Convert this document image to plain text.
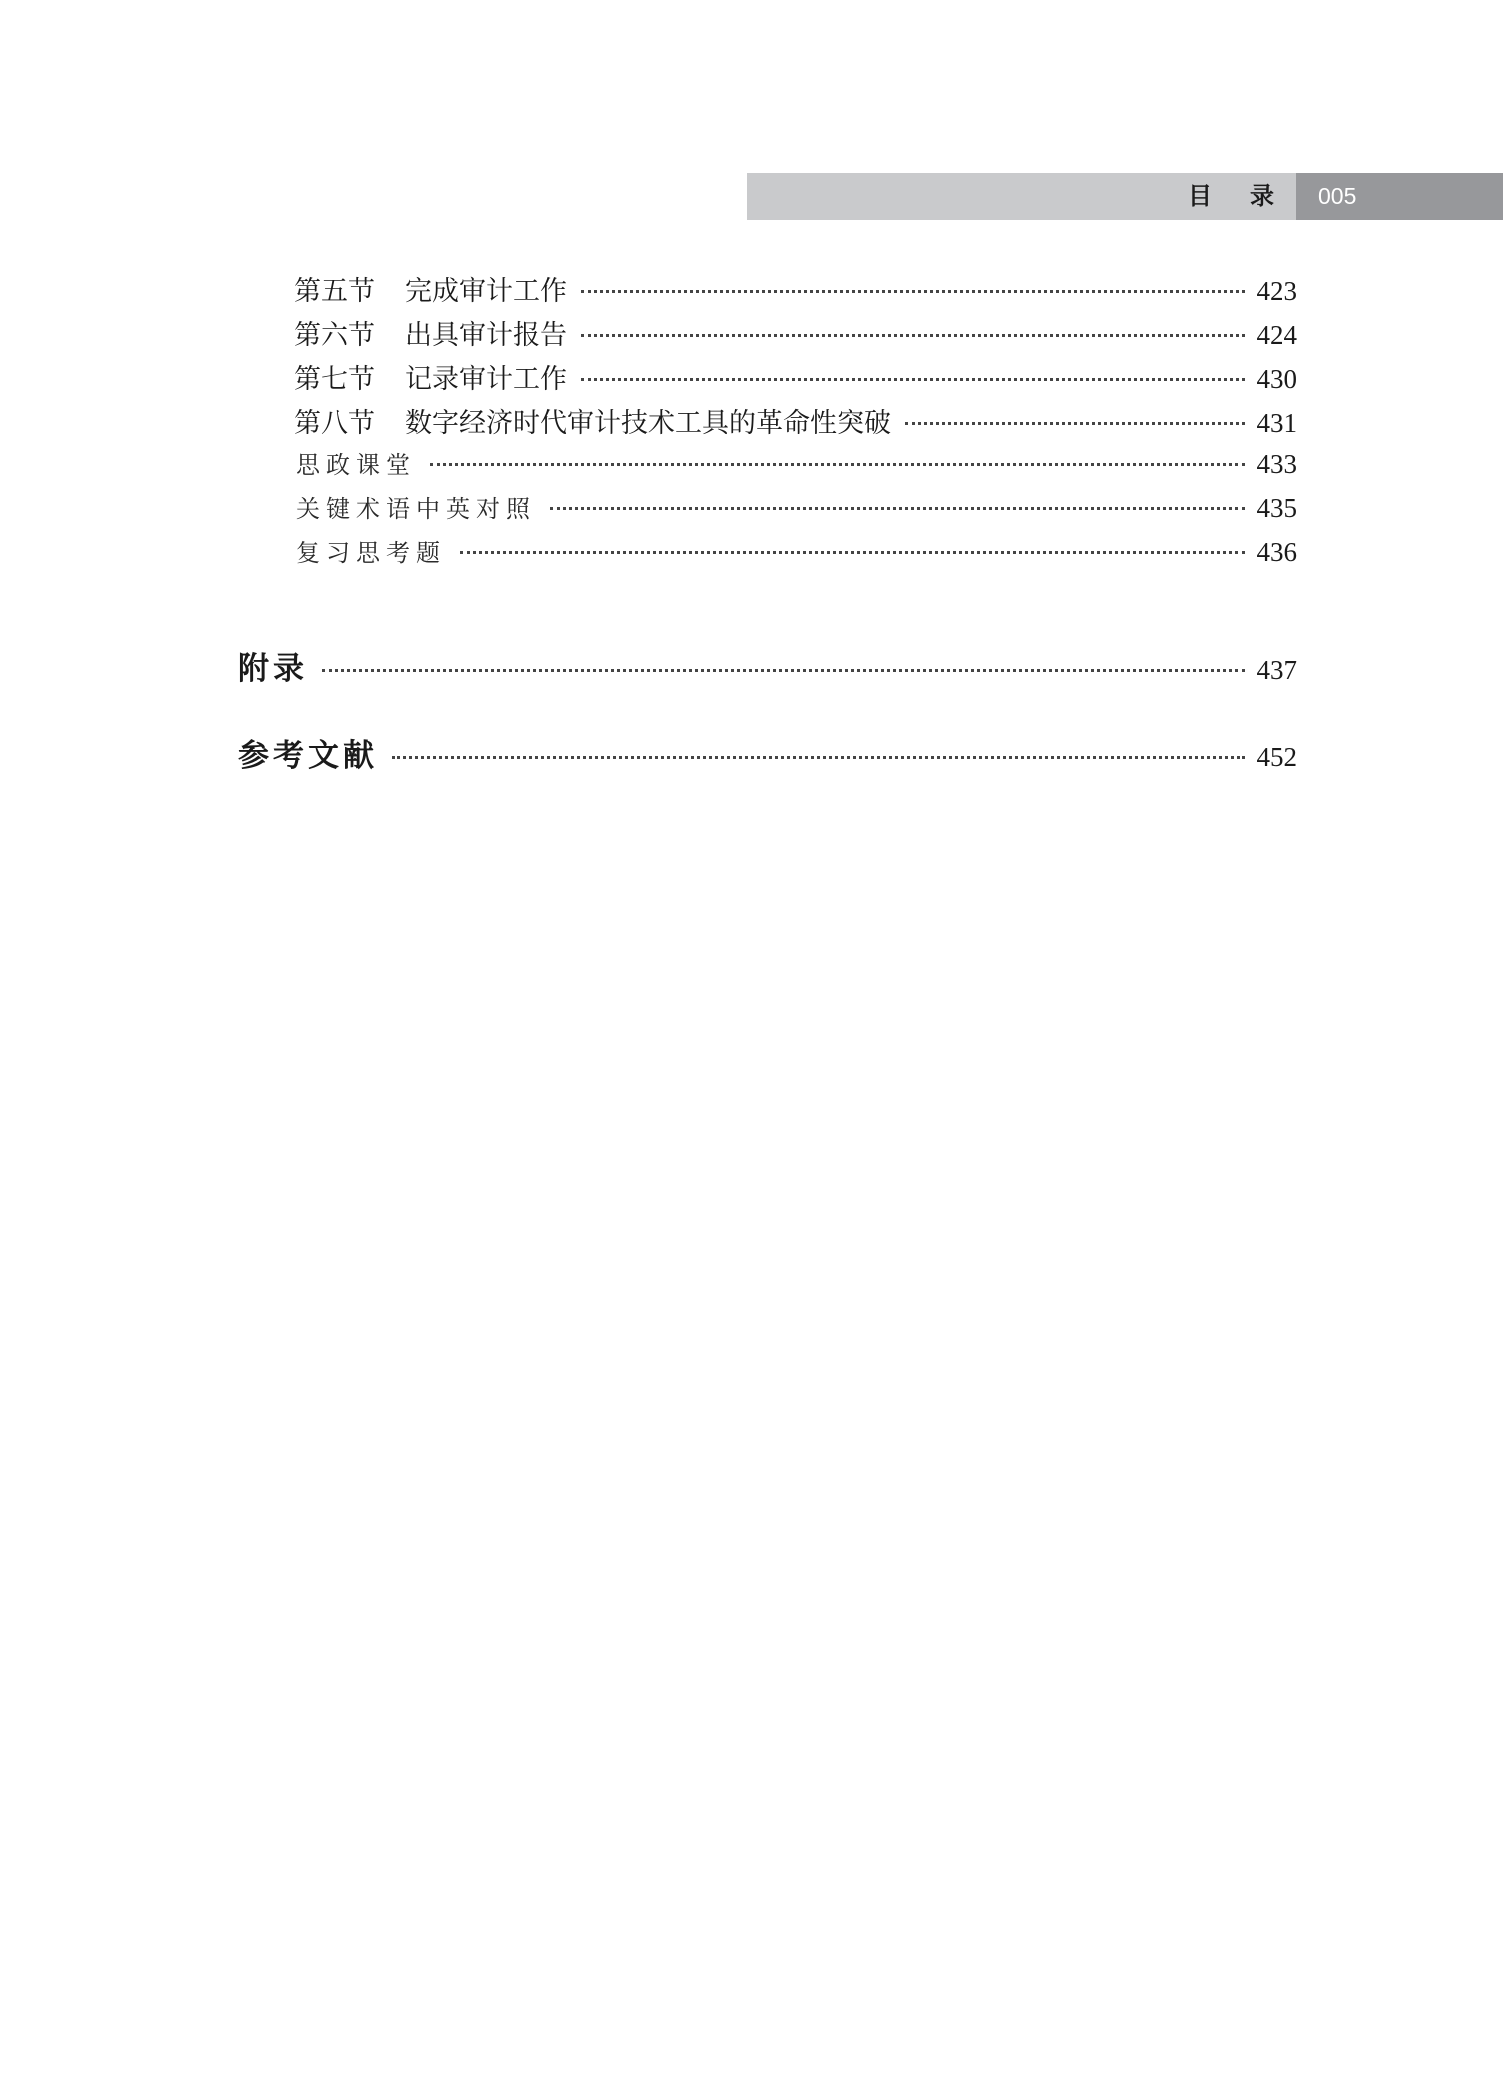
目录 005
第五节 完成审计工作	423
第六节 出具审计报告	424
第七节 记录审计工作	430
第八节 数字经济时代审计技术工具的革命性突破	431
思政课堂	433
关键术语中英对照	435
复习思考题	436
附录	437
参考文献	452
